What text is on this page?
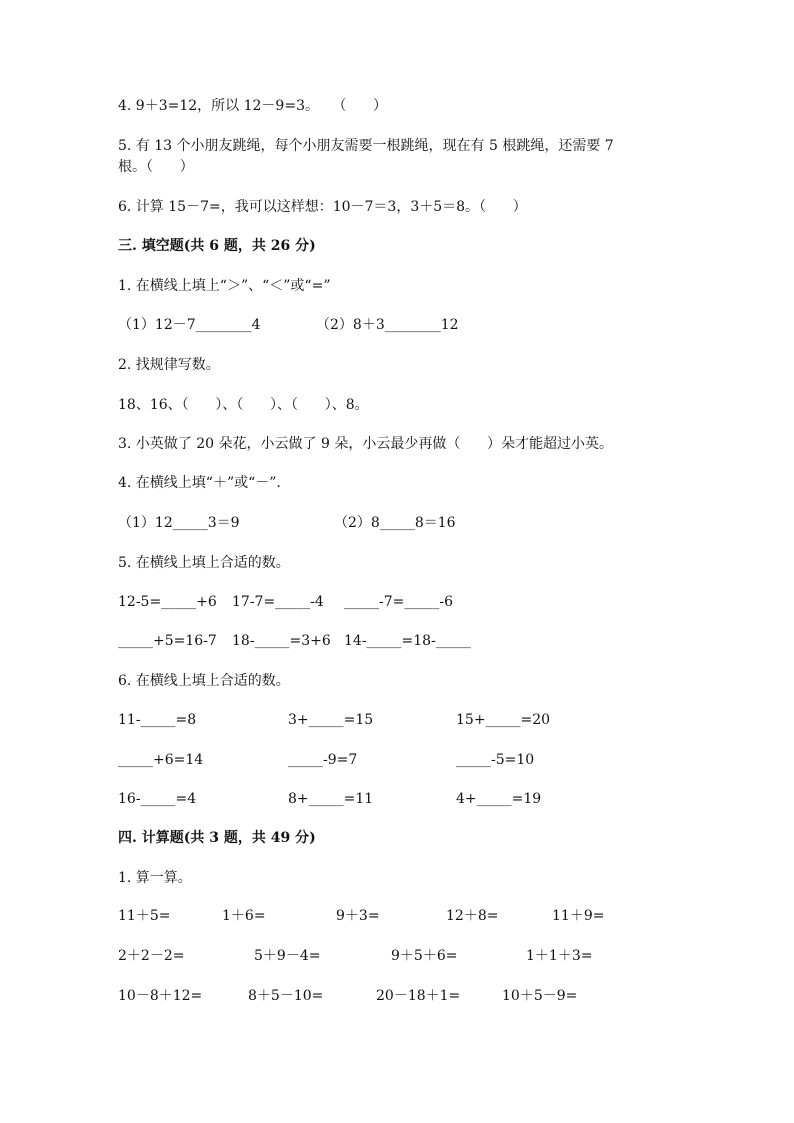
4. 9＋3=12，所以 12－9=3。   （      ）
5. 有 13 个小朋友跳绳，每个小朋友需要一根跳绳，现在有 5 根跳绳，还需要 7
根。（      ）
6. 计算 15－7=，我可以这样想：10－7＝3，3＋5＝8。（      ）
三. 填空题(共 6 题，共 26 分)
1. 在横线上填上“＞”、“＜”或“=”
（1）12－7________4	（2）8＋3________12
2. 找规律写数。
18、16、（      ）、（      ）、（      ）、8。
3. 小英做了 20 朵花，小云做了 9 朵，小云最少再做（      ）朵才能超过小英。
4. 在横线上填“＋”或“－”.
（1）12_____3＝9	（2）8_____8＝16
5. 在横线上填上合适的数。
12-5=_____+6 17-7=_____-4 _____-7=_____-6
_____+5=16-7 18-_____=3+6 14-_____=18-_____
6. 在横线上填上合适的数。
11-_____=8	3+_____=15	15+_____=20
_____+6=14	_____-9=7	_____-5=10
16-_____=4	8+_____=11	4+_____=19
四. 计算题(共 3 题，共 49 分)
1. 算一算。
11＋5=	1＋6=	9＋3=	12＋8=	11＋9=
2＋2－2=	5＋9－4=	9＋5＋6=	1＋1＋3=
10－8＋12=	8＋5－10=	20－18＋1=	10＋5－9=
